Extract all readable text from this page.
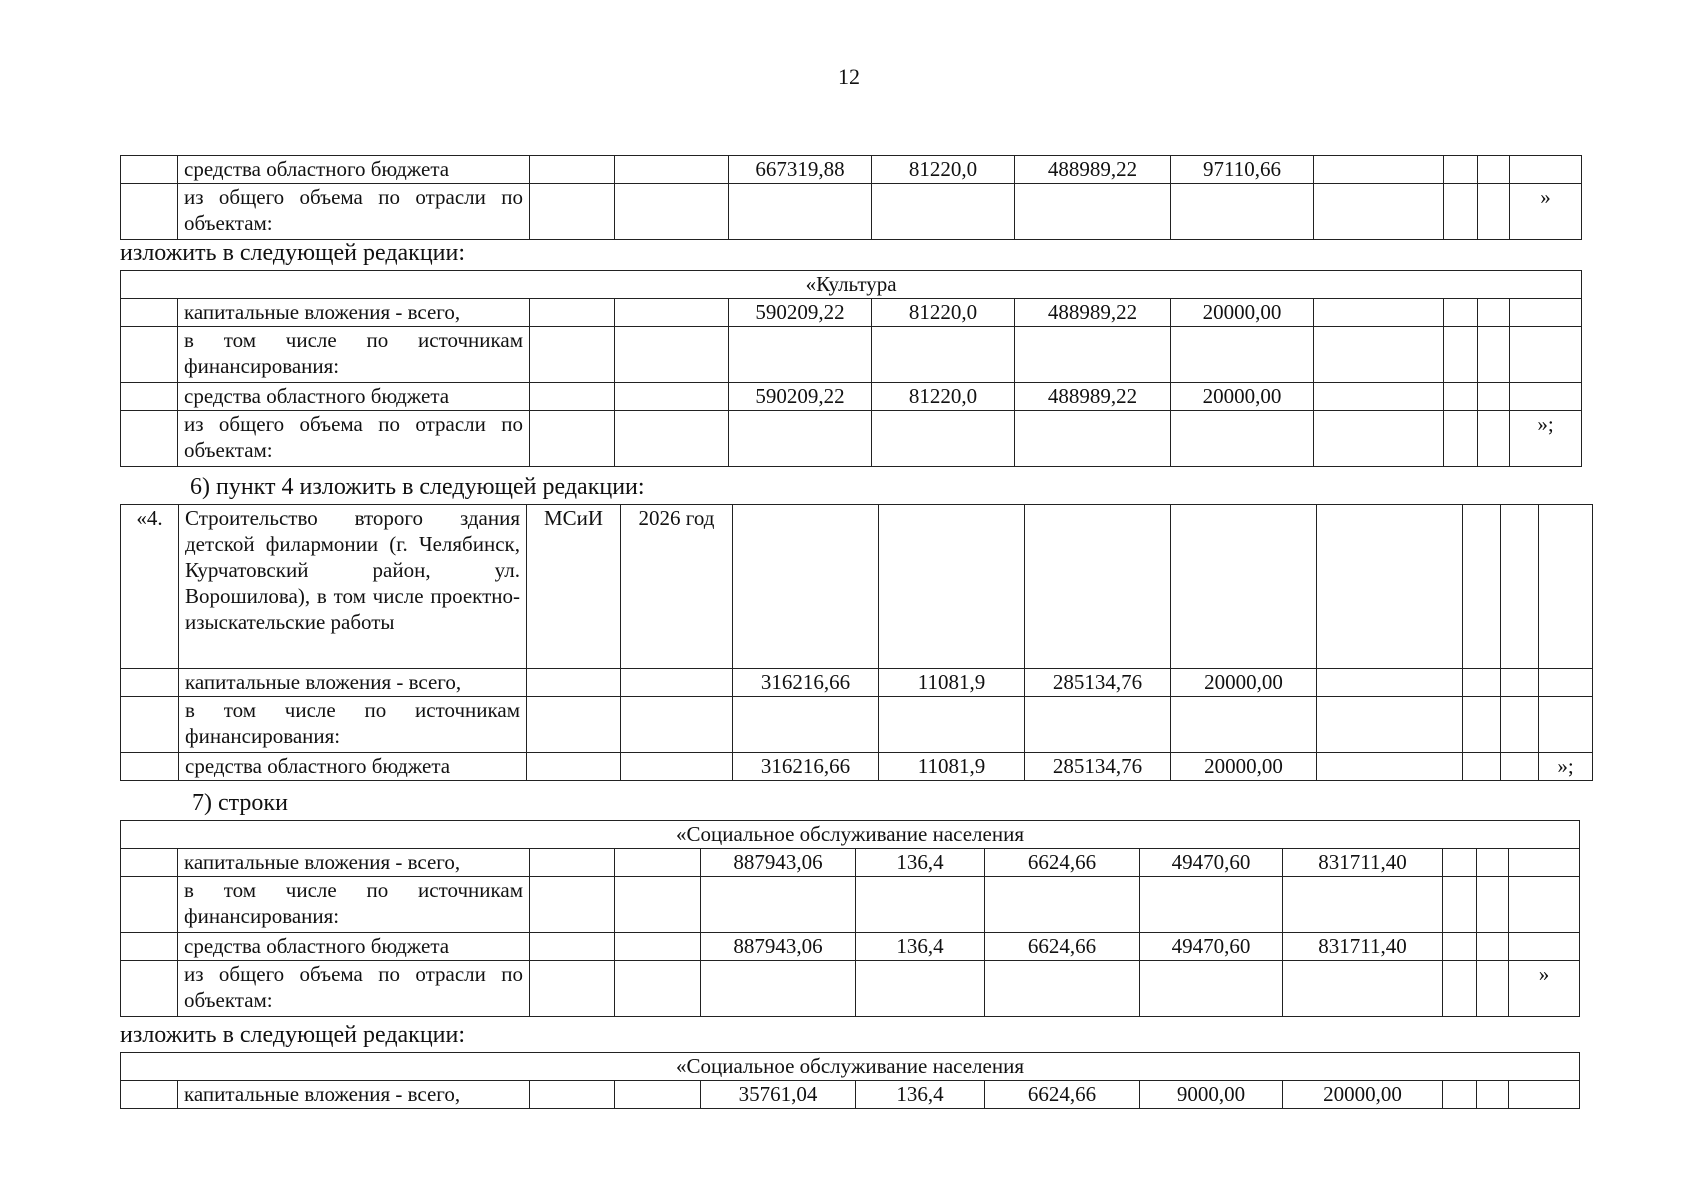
12
	средства областного бюджета			667319,88	81220,0	488989,22	97110,66				
	из общего объема по отрасли по объектам:										»
изложить в следующей редакции:
«Культура											
	капитальные вложения - всего,			590209,22	81220,0	488989,22	20000,00				
	в том числе по источникам финансирования:										
	средства областного бюджета			590209,22	81220,0	488989,22	20000,00				
	из общего объема по отрасли по объектам:										»;
6) пункт 4 изложить в следующей редакции:
«4.	Строительство второго здания детской филармонии (г. Челябинск, Курчатовский район, ул. Ворошилова), в том числе проектно-изыскательские работы	МСиИ	2026 год								
	капитальные вложения - всего,			316216,66	11081,9	285134,76	20000,00				
	в том числе по источникам финансирования:										
	средства областного бюджета			316216,66	11081,9	285134,76	20000,00				»;
7) строки
«Социальное обслуживание населения											
	капитальные вложения - всего,			887943,06	136,4	6624,66	49470,60	831711,40			
	в том числе по источникам финансирования:										
	средства областного бюджета			887943,06	136,4	6624,66	49470,60	831711,40			
	из общего объема по отрасли по объектам:										»
изложить в следующей редакции:
«Социальное обслуживание населения
	капитальные вложения - всего,			35761,04	136,4	6624,66	9000,00	20000,00			
